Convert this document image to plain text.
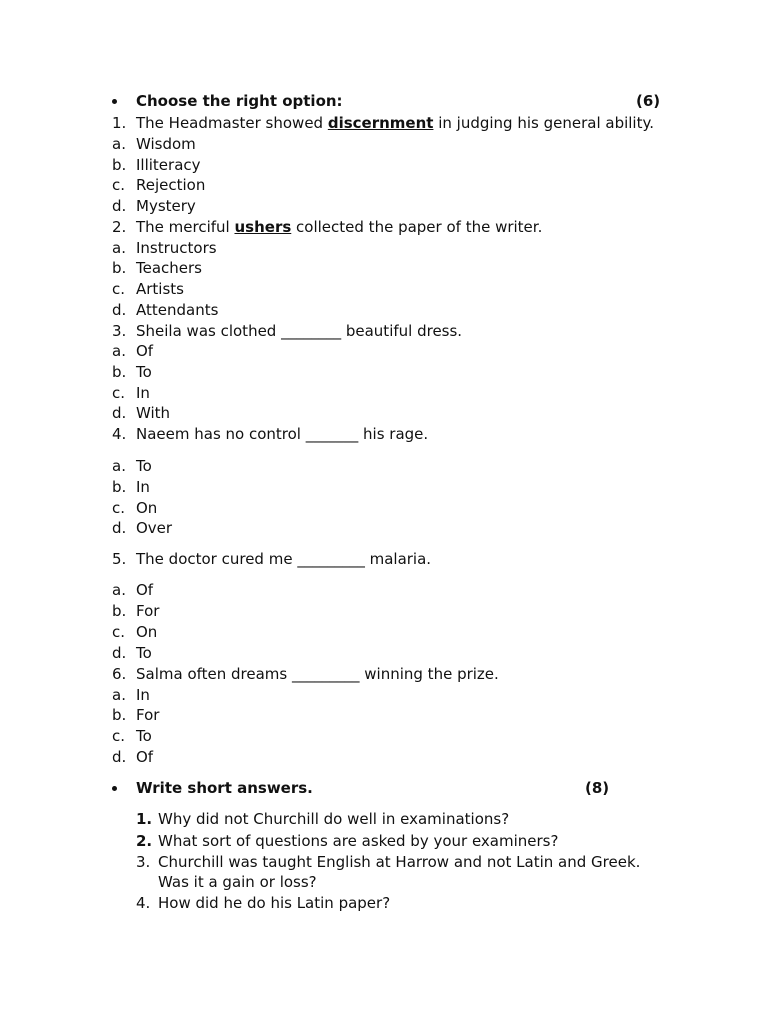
Choose the right option:	(6)
1. The Headmaster showed discernment in judging his general ability.
a. Wisdom
b. Illiteracy
c. Rejection
d. Mystery
2. The merciful ushers collected the paper of the writer.
a. Instructors
b. Teachers
c. Artists
d. Attendants
3. Sheila was clothed ________ beautiful dress.
a. Of
b. To
c. In
d. With
4. Naeem has no control _______ his rage.
a. To
b. In
c. On
d. Over
5. The doctor cured me _________ malaria.
a. Of
b. For
c. On
d. To
6. Salma often dreams _________ winning the prize.
a. In
b. For
c. To
d. Of
Write short answers.	(8)
1. Why did not Churchill do well in examinations?
2. What sort of questions are asked by your examiners?
3. Churchill was taught English at Harrow and not Latin and Greek.
Was it a gain or loss?
4. How did he do his Latin paper?
